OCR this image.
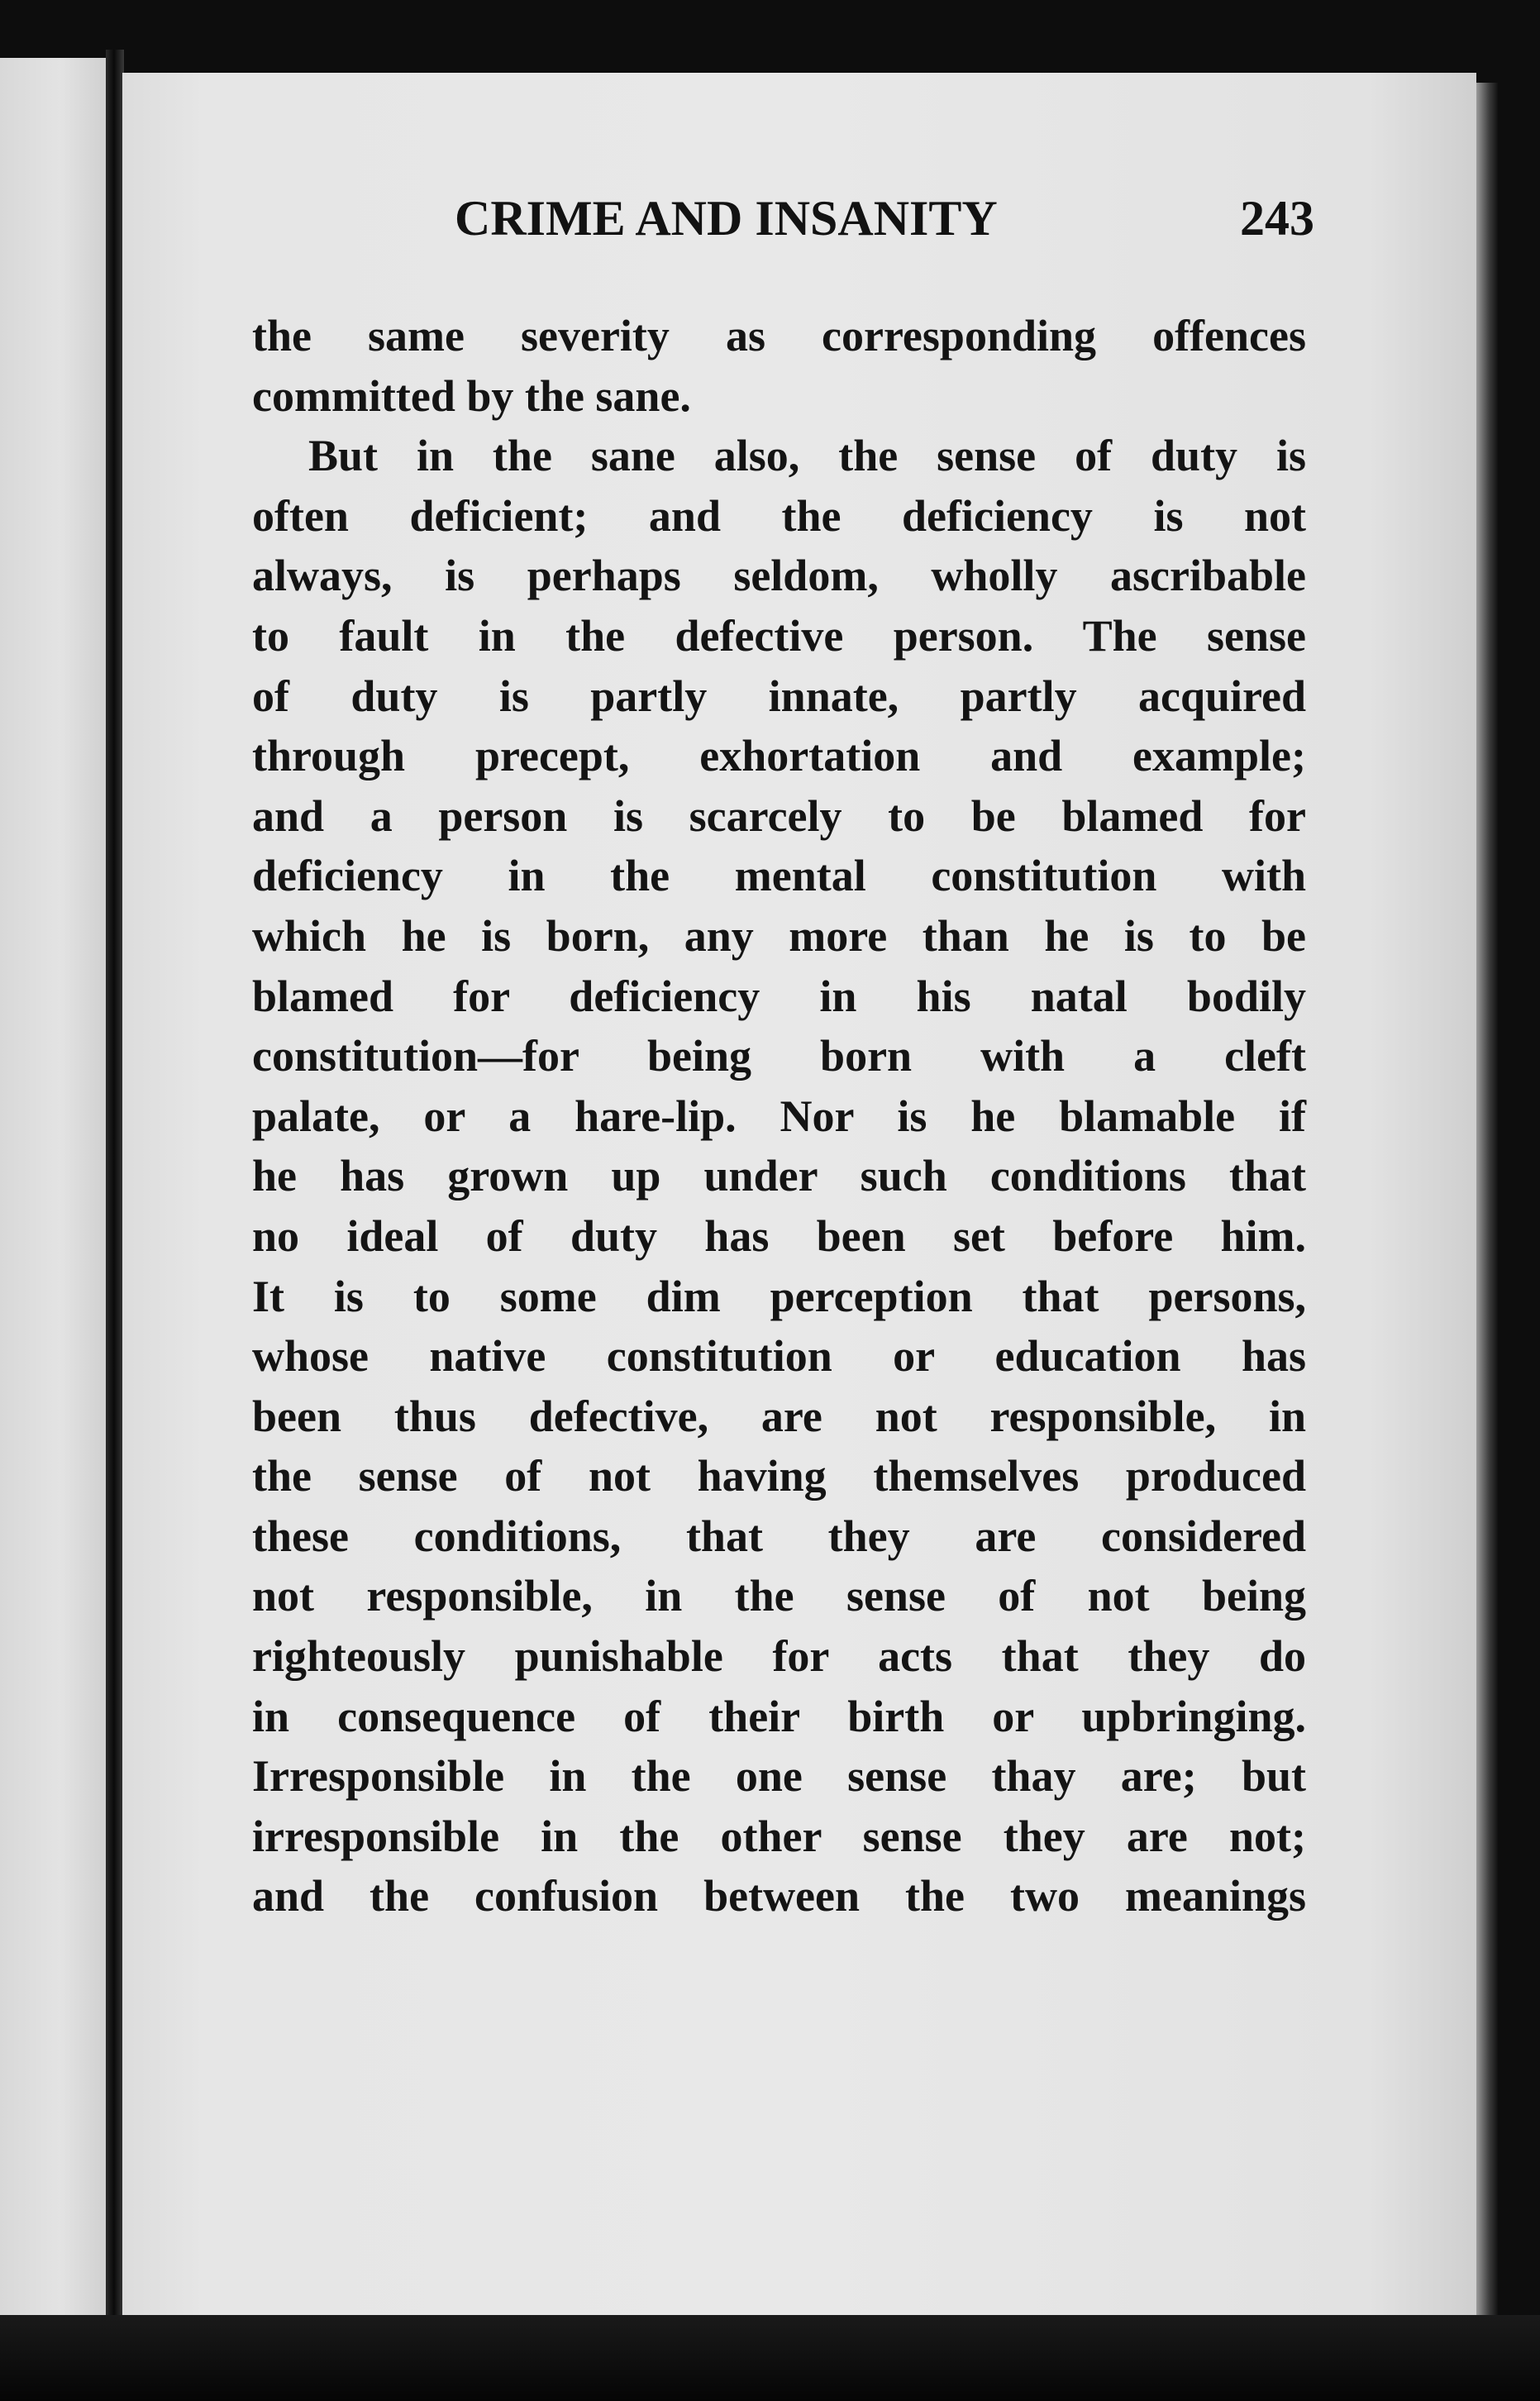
CRIME AND INSANITY	243
the same severity as corresponding offences
committed by the sane.
But in the sane also, the sense of duty is
often deficient; and the deficiency is not
always, is perhaps seldom, wholly ascribable
to fault in the defective person. The sense
of duty is partly innate, partly acquired
through precept, exhortation and example;
and a person is scarcely to be blamed for
deficiency in the mental constitution with
which he is born, any more than he is to be
blamed for deficiency in his natal bodily
constitution—for being born with a cleft
palate, or a hare-lip. Nor is he blamable if
he has grown up under such conditions that
no ideal of duty has been set before him.
It is to some dim perception that persons,
whose native constitution or education has
been thus defective, are not responsible, in
the sense of not having themselves produced
these conditions, that they are considered
not responsible, in the sense of not being
righteously punishable for acts that they do
in consequence of their birth or upbringing.
Irresponsible in the one sense thay are; but
irresponsible in the other sense they are not;
and the confusion between the two meanings
